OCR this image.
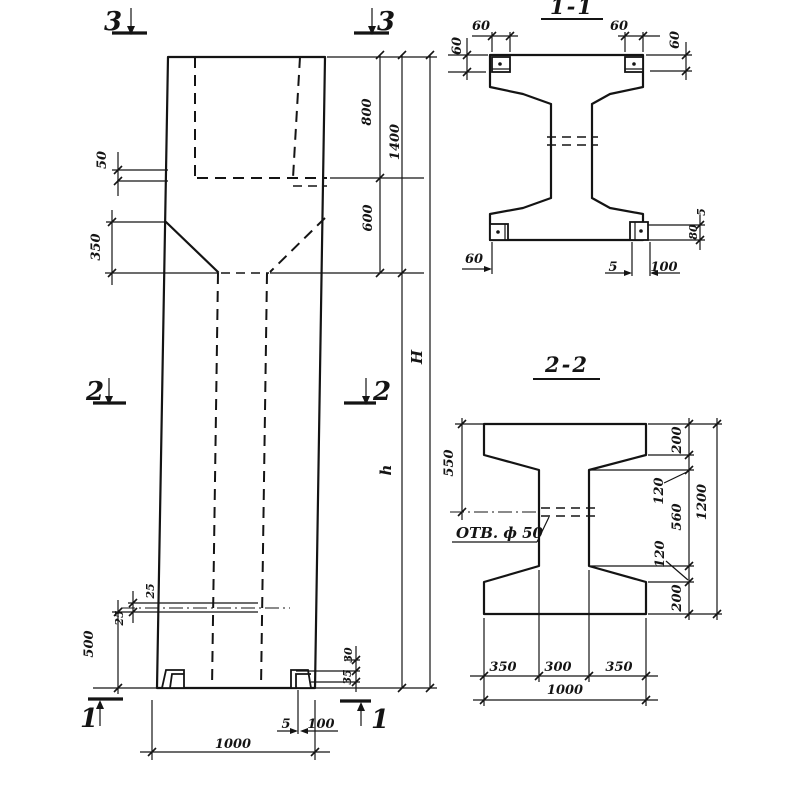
3	3
2	2
1	1
50
350
800
1400
600
H
h
25
25
500	30
35
5 100
1000
1-1
60
60
60
60
60
5	100
5
80
2-2
ОТВ. ф 50
550
200
120
560
120
200
1200
350 300	350
1000
